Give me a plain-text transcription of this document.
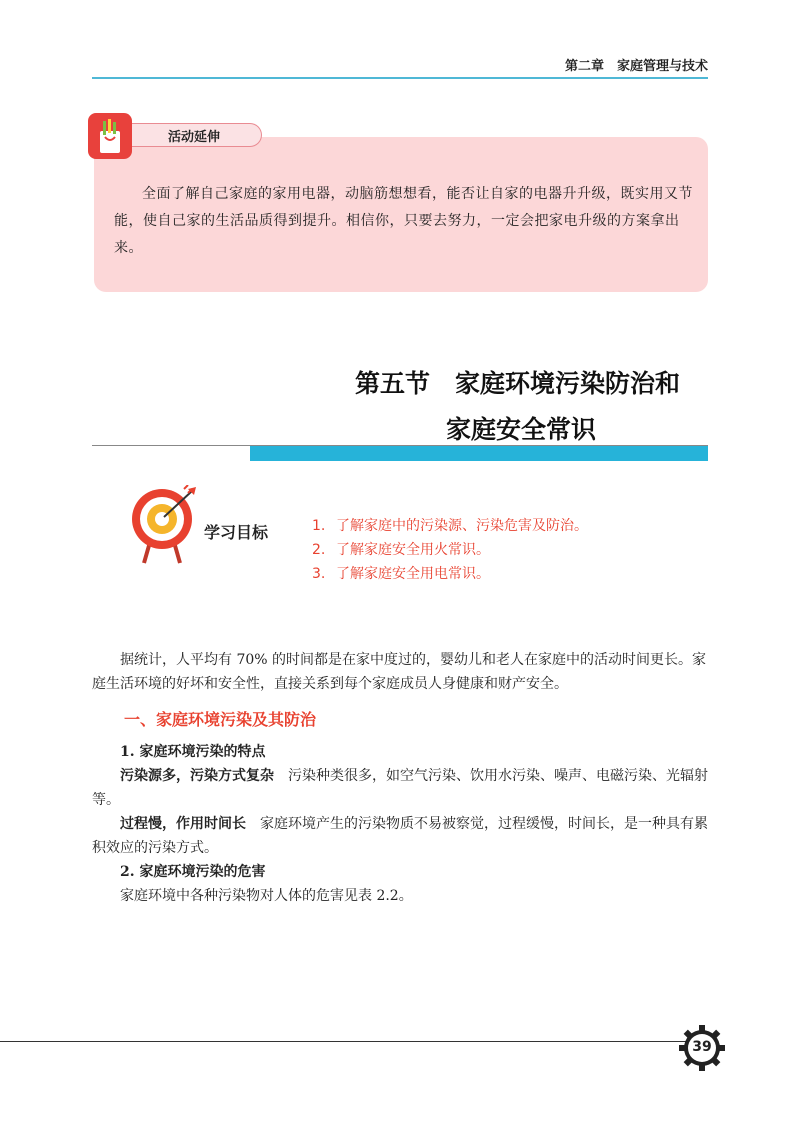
第二章　家庭管理与技术
活动延伸
全面了解自己家庭的家用电器，动脑筋想想看，能否让自家的电器升升级，既实用又节能，使自己家的生活品质得到提升。相信你，只要去努力，一定会把家电升级的方案拿出来。
第五节　家庭环境污染防治和
家庭安全常识
学习目标	1. 了解家庭中的污染源、污染危害及防治。
2. 了解家庭安全用火常识。
3. 了解家庭安全用电常识。
据统计，人平均有 70% 的时间都是在家中度过的，婴幼儿和老人在家庭中的活动时间更长。家庭生活环境的好坏和安全性，直接关系到每个家庭成员人身健康和财产安全。
一、家庭环境污染及其防治

1. 家庭环境污染的特点

污染源多，污染方式复杂　污染种类很多，如空气污染、饮用水污染、噪声、电磁污染、光辐射等。

过程慢，作用时间长　家庭环境产生的污染物质不易被察觉，过程缓慢，时间长，是一种具有累积效应的污染方式。

2. 家庭环境污染的危害

家庭环境中各种污染物对人体的危害见表 2.2。

39
